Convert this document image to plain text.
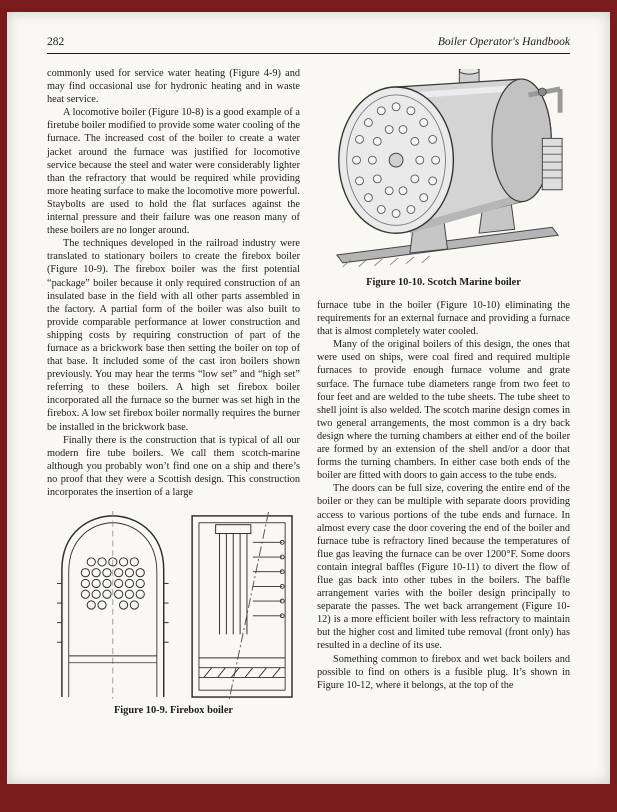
282	Boiler Operator's Handbook

commonly used for service water heating (Figure 4-9) and may find occasional use for hydronic heating and in waste heat service.

A locomotive boiler (Figure 10-8) is a good example of a firetube boiler modified to provide some water cooling of the furnace. The increased cost of the boiler to create a water jacket around the furnace was justified for locomotive service because the steel and water were considerably lighter than the refractory that would be required while providing more heating surface to make the locomotive more powerful. Staybolts are used to hold the flat surfaces against the internal pressure and their failure was one reason many of these boilers are no longer around.

The techniques developed in the railroad industry were translated to stationary boilers to create the firebox boiler (Figure 10-9). The firebox boiler was the first potential “package” boiler because it only required construction of an insulated base in the field with all other parts assembled in the factory. A partial form of the boiler was also built to provide comparable performance at lower construction and shipping costs by requiring construction of part of the furnace as a brickwork base then setting the boiler on top of that base. It included some of the cast iron boilers shown previously. You may hear the terms “low set” and “high set” referring to these boilers. A high set firebox boiler incorporated all the furnace so the burner was set high in the firebox. A low set firebox boiler normally requires the burner be installed in the brickwork base.

Finally there is the construction that is typical of all our modern fire tube boilers. We call them scotch-marine although you probably won’t find one on a ship and there’s no proof that they were a Scottish design. This construction incorporates the insertion of a large

Figure 10-9. Firebox boiler
Figure 10-10. Scotch Marine boiler

furnace tube in the boiler (Figure 10-10) eliminating the requirements for an external furnace and providing a furnace that is almost completely water cooled.

Many of the original boilers of this design, the ones that were used on ships, were coal fired and required multiple furnaces to provide enough furnace volume and grate surface. The furnace tube diameters range from two feet to four feet and are welded to the tube sheets. The tube sheet to shell joint is also welded. The scotch marine design comes in two general arrangements, the most common is a dry back design where the turning chambers at either end of the boiler are formed by an extension of the shell and/or a door that forms the turning chambers. In either case both ends of the boiler are fitted with doors to gain access to the tube ends.

The doors can be full size, covering the entire end of the boiler or they can be multiple with separate doors providing access to various portions of the tube ends and furnace. In almost every case the door covering the end of the boiler and furnace tube is refractory lined because the temperatures of flue gas leaving the furnace can be over 1200°F. Some doors contain integral baffles (Figure 10-11) to divert the flow of flue gas back into other tubes in the boilers. The baffle arrangement varies with the boiler design principally to separate the passes. The wet back arrangement (Figure 10-12) is a more efficient boiler with less refractory to maintain but the higher cost and limited tube removal (front only) has resulted in a decline of its use.

Something common to firebox and wet back boilers and possible to find on others is a fusible plug. It’s shown in Figure 10-12, where it belongs, at the top of the
